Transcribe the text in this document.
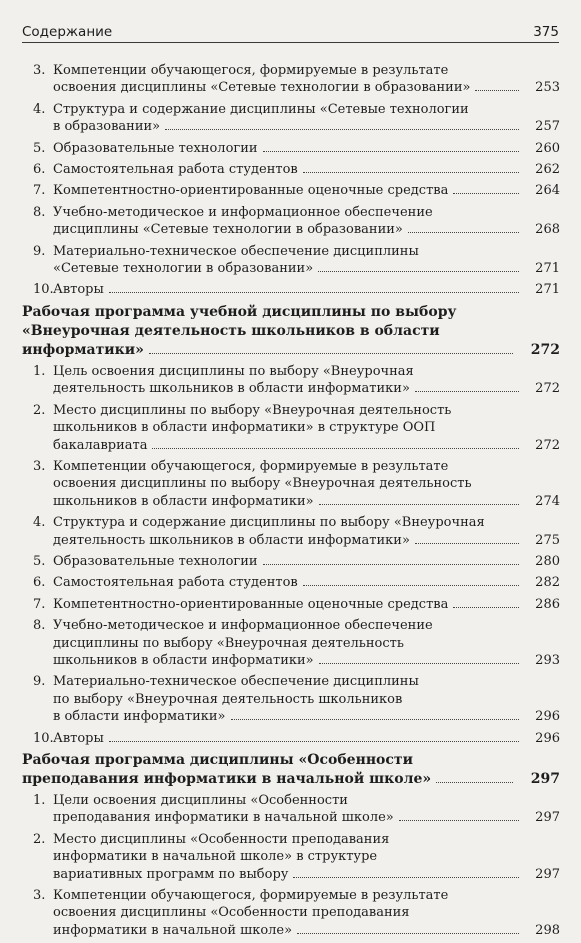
Содержание	375
3. Компетенции обучающегося, формируемые в результате
освоения дисциплины «Сетевые технологии в образовании»	253
4. Структура и содержание дисциплины «Сетевые технологии
в образовании»	257
5. Образовательные технологии	260
6. Самостоятельная работа студентов	262
7. Компетентностно-ориентированные оценочные средства	264
8. Учебно-методическое и информационное обеспечение
дисциплины «Сетевые технологии в образовании»	268
9. Материально-техническое обеспечение дисциплины
«Сетевые технологии в образовании»	271
10. Авторы	271
Рабочая программа учебной дисциплины по выбору
«Внеурочная деятельность школьников в области
информатики»	272
1. Цель освоения дисциплины по выбору «Внеурочная
деятельность школьников в области информатики»	272
2. Место дисциплины по выбору «Внеурочная деятельность
школьников в области информатики» в структуре ООП
бакалавриата	272
3. Компетенции обучающегося, формируемые в результате
освоения дисциплины по выбору «Внеурочная деятельность
школьников в области информатики»	274
4. Структура и содержание дисциплины по выбору «Внеурочная
деятельность школьников в области информатики»	275
5. Образовательные технологии	280
6. Самостоятельная работа студентов	282
7. Компетентностно-ориентированные оценочные средства	286
8. Учебно-методическое и информационное обеспечение
дисциплины по выбору «Внеурочная деятельность
школьников в области информатики»	293
9. Материально-техническое обеспечение дисциплины
по выбору «Внеурочная деятельность школьников
в области информатики»	296
10. Авторы	296
Рабочая программа дисциплины «Особенности
преподавания информатики в начальной школе»	297
1. Цели освоения дисциплины «Особенности
преподавания информатики в начальной школе»	297
2. Место дисциплины «Особенности преподавания
информатики в начальной школе» в структуре
вариативных программ по выбору	297
3. Компетенции обучающегося, формируемые в результате
освоения дисциплины «Особенности преподавания
информатики в начальной школе»	298
